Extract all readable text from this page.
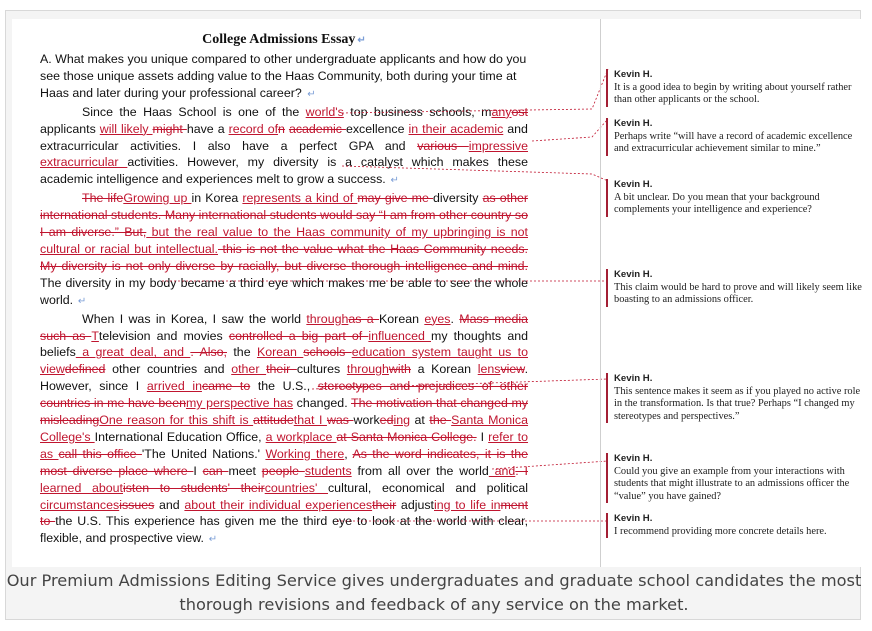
College Admissions Essay ↵

A. What makes you unique compared to other undergraduate applicants and how do you see those unique assets adding value to the Haas Community, both during your time at Haas and later during your professional career? ↵

Since the Haas School is one of the world's top business schools, manyost applicants will likely might have a record ofn academic excellence in their academic and extracurricular activities. I also have a perfect GPA and various impressive extracurricular activities. However, my diversity is a catalyst which makes these academic intelligence and experiences melt to grow a success. ↵

The lifeGrowing up in Korea represents a kind of may give me diversity as other international students. Many international students would say “I am from other country so I am diverse.” But, but the real value to the Haas community of my upbringing is not cultural or racial but intellectual. this is not the value what the Haas Community needs. My diversity is not only diverse by racially, but diverse thorough intelligence and mind. The diversity in my body became a third eye which makes me be able to see the whole world. ↵

When I was in Korea, I saw the world throughas a Korean eyes. Mass media such as Ttelevision and movies controlled a big part of influenced my thoughts and beliefs a great deal, and . Also, the Korean schools education system taught us to viewdefined other countries and other their cultures throughwith a Korean lensview. However, since I arrived incame to the U.S., stereotypes and prejudices of other countries in me have beenmy perspective has changed. The motivation that changed my misleadingOne reason for this shift is attitudethat I was workeding at the Santa Monica College's International Education Office, a workplace at Santa Monica College. I refer to as call this office 'The United Nations.' Working there, As the word indicates, it is the most diverse place where I can meet people students from all over the world and. I learned aboutisten to students' theircountries' cultural, economical and political circumstancesissues and about their individual experiencestheir adjusting to life inment to the U.S. This experience has given me the third eye to look at the world with clear, flexible, and prospective view. ↵

Kevin H.
It is a good idea to begin by writing about yourself rather than other applicants or the school.
Kevin H.
Perhaps write “will have a record of academic excellence and extracurricular achievement similar to mine.”
Kevin H.
A bit unclear. Do you mean that your background complements your intelligence and experience?
Kevin H.
This claim would be hard to prove and will likely seem like boasting to an admissions officer.
Kevin H.
This sentence makes it seem as if you played no active role in the transformation. Is that true? Perhaps “I changed my stereotypes and perspectives.”
Kevin H.
Could you give an example from your interactions with students that might illustrate to an admissions officer the “value” you have gained?
Kevin H.
I recommend providing more concrete details here.
Our Premium Admissions Editing Service gives undergraduates and graduate school candidates the most thorough revisions and feedback of any service on the market.
